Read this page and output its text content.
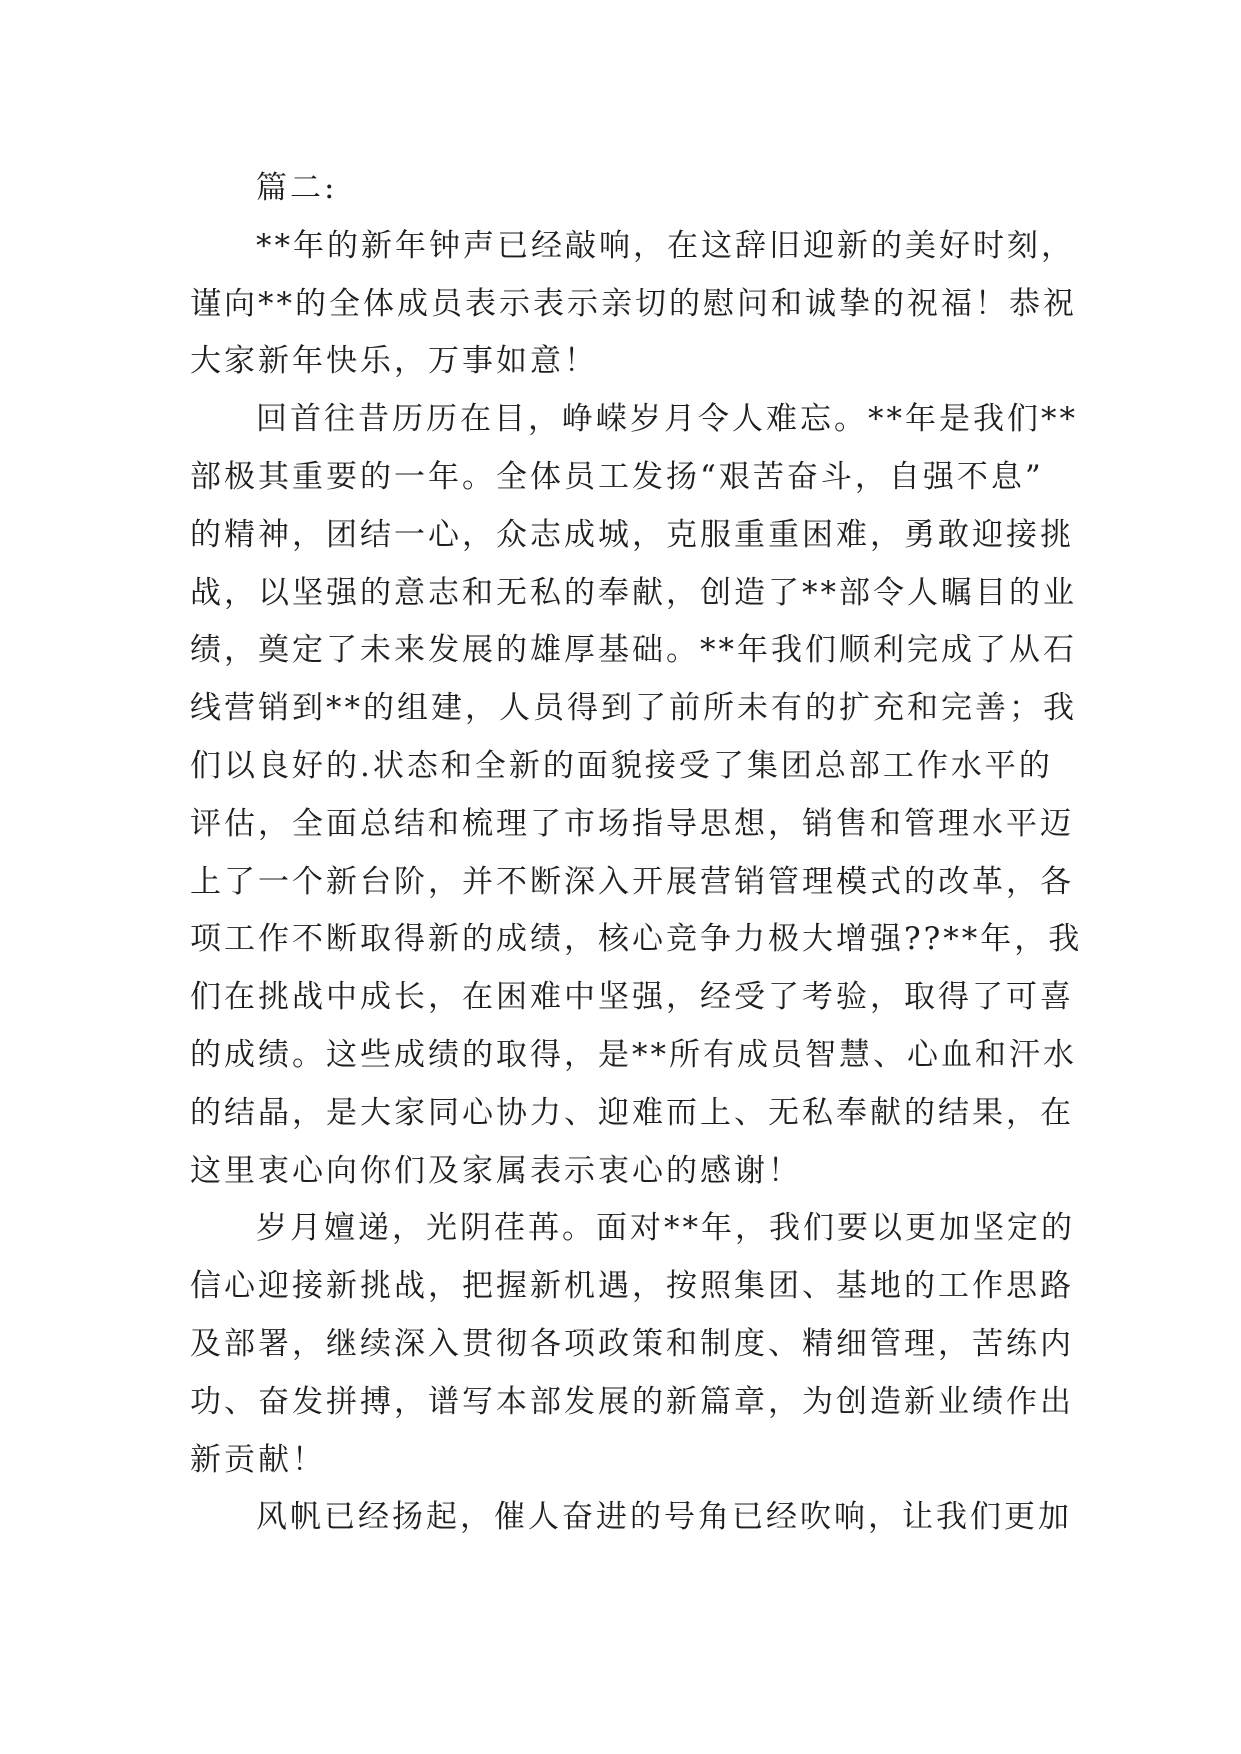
篇二:
**年的新年钟声已经敲响，在这辞旧迎新的美好时刻，
谨向**的全体成员表示表示亲切的慰问和诚挚的祝福！恭祝
大家新年快乐，万事如意！
回首往昔历历在目，峥嵘岁月令人难忘。**年是我们**
部极其重要的一年。全体员工发扬“艰苦奋斗，自强不息”
的精神，团结一心，众志成城，克服重重困难，勇敢迎接挑
战，以坚强的意志和无私的奉献，创造了**部令人瞩目的业
绩，奠定了未来发展的雄厚基础。**年我们顺利完成了从石
线营销到**的组建，人员得到了前所未有的扩充和完善；我
们以良好的.状态和全新的面貌接受了集团总部工作水平的
评估，全面总结和梳理了市场指导思想，销售和管理水平迈
上了一个新台阶，并不断深入开展营销管理模式的改革，各
项工作不断取得新的成绩，核心竞争力极大增强??**年，我
们在挑战中成长，在困难中坚强，经受了考验，取得了可喜
的成绩。这些成绩的取得，是**所有成员智慧、心血和汗水
的结晶，是大家同心协力、迎难而上、无私奉献的结果，在
这里衷心向你们及家属表示衷心的感谢！
岁月嬗递，光阴荏苒。面对**年，我们要以更加坚定的
信心迎接新挑战，把握新机遇，按照集团、基地的工作思路
及部署，继续深入贯彻各项政策和制度、精细管理，苦练内
功、奋发拼搏，谱写本部发展的新篇章，为创造新业绩作出
新贡献！
风帆已经扬起，催人奋进的号角已经吹响，让我们更加
